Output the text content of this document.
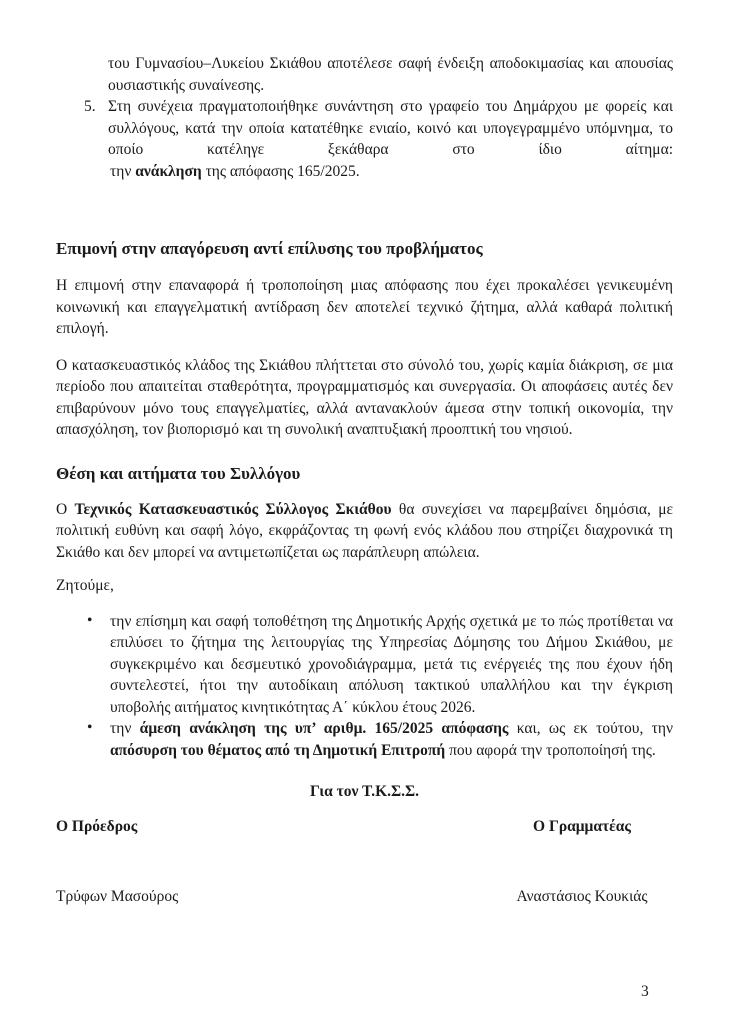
του Γυμνασίου–Λυκείου Σκιάθου αποτέλεσε σαφή ένδειξη αποδοκιμασίας και απουσίας ουσιαστικής συναίνεσης.

5. Στη συνέχεια πραγματοποιήθηκε συνάντηση στο γραφείο του Δημάρχου με φορείς και συλλόγους, κατά την οποία κατατέθηκε ενιαίο, κοινό και υπογεγραμμένο υπόμνημα, το οποίο κατέληγε ξεκάθαρα στο ίδιο αίτημα:

την ανάκληση της απόφασης 165/2025.

Επιμονή στην απαγόρευση αντί επίλυσης του προβλήματος

Η επιμονή στην επαναφορά ή τροποποίηση μιας απόφασης που έχει προκαλέσει γενικευμένη κοινωνική και επαγγελματική αντίδραση δεν αποτελεί τεχνικό ζήτημα, αλλά καθαρά πολιτική επιλογή.

Ο κατασκευαστικός κλάδος της Σκιάθου πλήττεται στο σύνολό του, χωρίς καμία διάκριση, σε μια περίοδο που απαιτείται σταθερότητα, προγραμματισμός και συνεργασία. Οι αποφάσεις αυτές δεν επιβαρύνουν μόνο τους επαγγελματίες, αλλά αντανακλούν άμεσα στην τοπική οικονομία, την απασχόληση, τον βιοπορισμό και τη συνολική αναπτυξιακή προοπτική του νησιού.

Θέση και αιτήματα του Συλλόγου

Ο Τεχνικός Κατασκευαστικός Σύλλογος Σκιάθου θα συνεχίσει να παρεμβαίνει δημόσια, με πολιτική ευθύνη και σαφή λόγο, εκφράζοντας τη φωνή ενός κλάδου που στηρίζει διαχρονικά τη Σκιάθο και δεν μπορεί να αντιμετωπίζεται ως παράπλευρη απώλεια.

Ζητούμε,

• την επίσημη και σαφή τοποθέτηση της Δημοτικής Αρχής σχετικά με το πώς προτίθεται να επιλύσει το ζήτημα της λειτουργίας της Υπηρεσίας Δόμησης του Δήμου Σκιάθου, με συγκεκριμένο και δεσμευτικό χρονοδιάγραμμα, μετά τις ενέργειές της που έχουν ήδη συντελεστεί, ήτοι την αυτοδίκαιη απόλυση τακτικού υπαλλήλου και την έγκριση υποβολής αιτήματος κινητικότητας Α΄ κύκλου έτους 2026.

• την άμεση ανάκληση της υπ’ αριθμ. 165/2025 απόφασης και, ως εκ τούτου, την απόσυρση του θέματος από τη Δημοτική Επιτροπή που αφορά την τροποποίησή της.

Για τον Τ.Κ.Σ.Σ.

Ο Πρόεδρος	Ο Γραμματέας
Τρύφων Μασούρος	Αναστάσιος Κουκιάς
3
